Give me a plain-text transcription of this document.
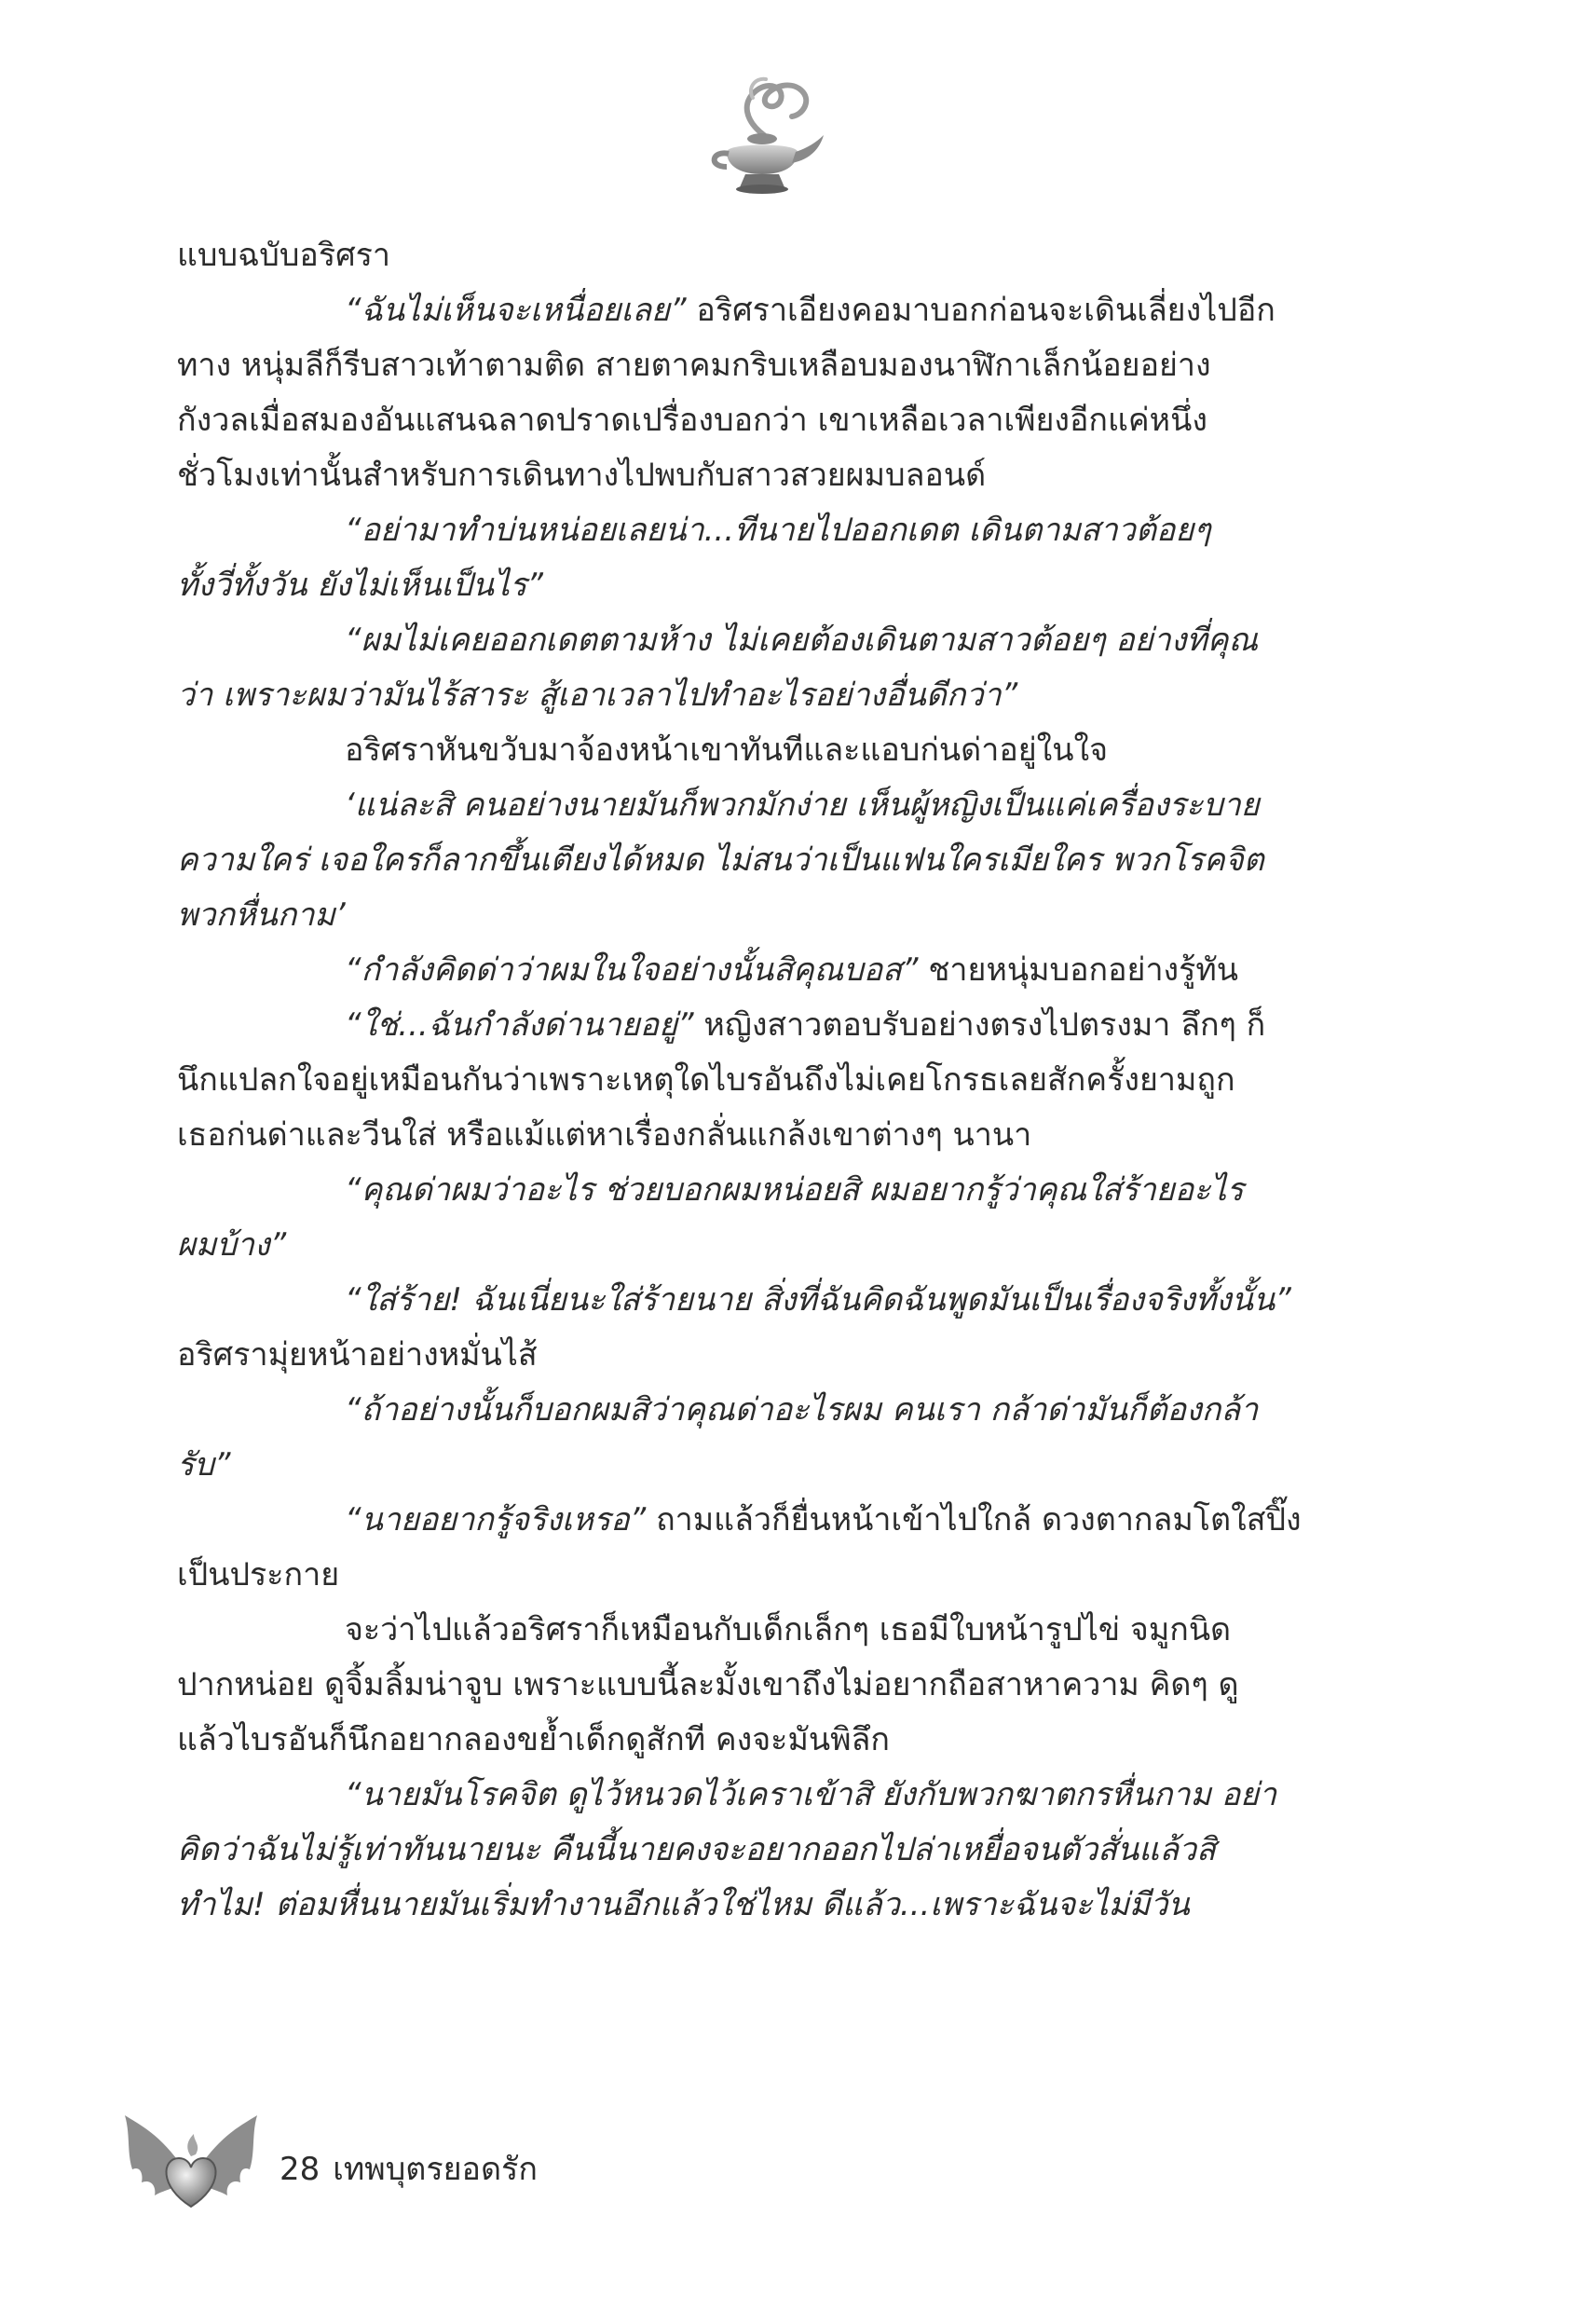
แบบฉบับอริศรา
“ฉันไม่เห็นจะเหนื่อยเลย” อริศราเอียงคอมาบอกก่อนจะเดินเลี่ยงไปอีก
ทาง หนุ่มลีก็รีบสาวเท้าตามติด สายตาคมกริบเหลือบมองนาฬิกาเล็กน้อยอย่าง
กังวลเมื่อสมองอันแสนฉลาดปราดเปรื่องบอกว่า เขาเหลือเวลาเพียงอีกแค่หนึ่ง
ชั่วโมงเท่านั้นสำหรับการเดินทางไปพบกับสาวสวยผมบลอนด์
“อย่ามาทำบ่นหน่อยเลยน่า...ทีนายไปออกเดต เดินตามสาวต้อยๆ
ทั้งวี่ทั้งวัน ยังไม่เห็นเป็นไร”
“ผมไม่เคยออกเดตตามห้าง ไม่เคยต้องเดินตามสาวต้อยๆ อย่างที่คุณ
ว่า เพราะผมว่ามันไร้สาระ สู้เอาเวลาไปทำอะไรอย่างอื่นดีกว่า”
อริศราหันขวับมาจ้องหน้าเขาทันทีและแอบก่นด่าอยู่ในใจ
‘แน่ละสิ คนอย่างนายมันก็พวกมักง่าย เห็นผู้หญิงเป็นแค่เครื่องระบาย
ความใคร่ เจอใครก็ลากขึ้นเตียงได้หมด ไม่สนว่าเป็นแฟนใครเมียใคร พวกโรคจิต
พวกหื่นกาม’
“กำลังคิดด่าว่าผมในใจอย่างนั้นสิคุณบอส” ชายหนุ่มบอกอย่างรู้ทัน
“ใช่...ฉันกำลังด่านายอยู่” หญิงสาวตอบรับอย่างตรงไปตรงมา ลึกๆ ก็
นึกแปลกใจอยู่เหมือนกันว่าเพราะเหตุใดไบรอันถึงไม่เคยโกรธเลยสักครั้งยามถูก
เธอก่นด่าและวีนใส่ หรือแม้แต่หาเรื่องกลั่นแกล้งเขาต่างๆ นานา
“คุณด่าผมว่าอะไร ช่วยบอกผมหน่อยสิ ผมอยากรู้ว่าคุณใส่ร้ายอะไร
ผมบ้าง”
“ใส่ร้าย! ฉันเนี่ยนะใส่ร้ายนาย สิ่งที่ฉันคิดฉันพูดมันเป็นเรื่องจริงทั้งนั้น”
อริศรามุ่ยหน้าอย่างหมั่นไส้
“ถ้าอย่างนั้นก็บอกผมสิว่าคุณด่าอะไรผม คนเรา กล้าด่ามันก็ต้องกล้า
รับ”
“นายอยากรู้จริงเหรอ” ถามแล้วก็ยื่นหน้าเข้าไปใกล้ ดวงตากลมโตใสปิ๊ง
เป็นประกาย
จะว่าไปแล้วอริศราก็เหมือนกับเด็กเล็กๆ เธอมีใบหน้ารูปไข่ จมูกนิด
ปากหน่อย ดูจิ้มลิ้มน่าจูบ เพราะแบบนี้ละมั้งเขาถึงไม่อยากถือสาหาความ คิดๆ ดู
แล้วไบรอันก็นึกอยากลองขย้ำเด็กดูสักที คงจะมันพิลึก
“นายมันโรคจิต ดูไว้หนวดไว้เคราเข้าสิ ยังกับพวกฆาตกรหื่นกาม อย่า
คิดว่าฉันไม่รู้เท่าทันนายนะ คืนนี้นายคงจะอยากออกไปล่าเหยื่อจนตัวสั่นแล้วสิ
ทำไม! ต่อมหื่นนายมันเริ่มทำงานอีกแล้วใช่ไหม ดีแล้ว...เพราะฉันจะไม่มีวัน
28 เทพบุตรยอดรัก
